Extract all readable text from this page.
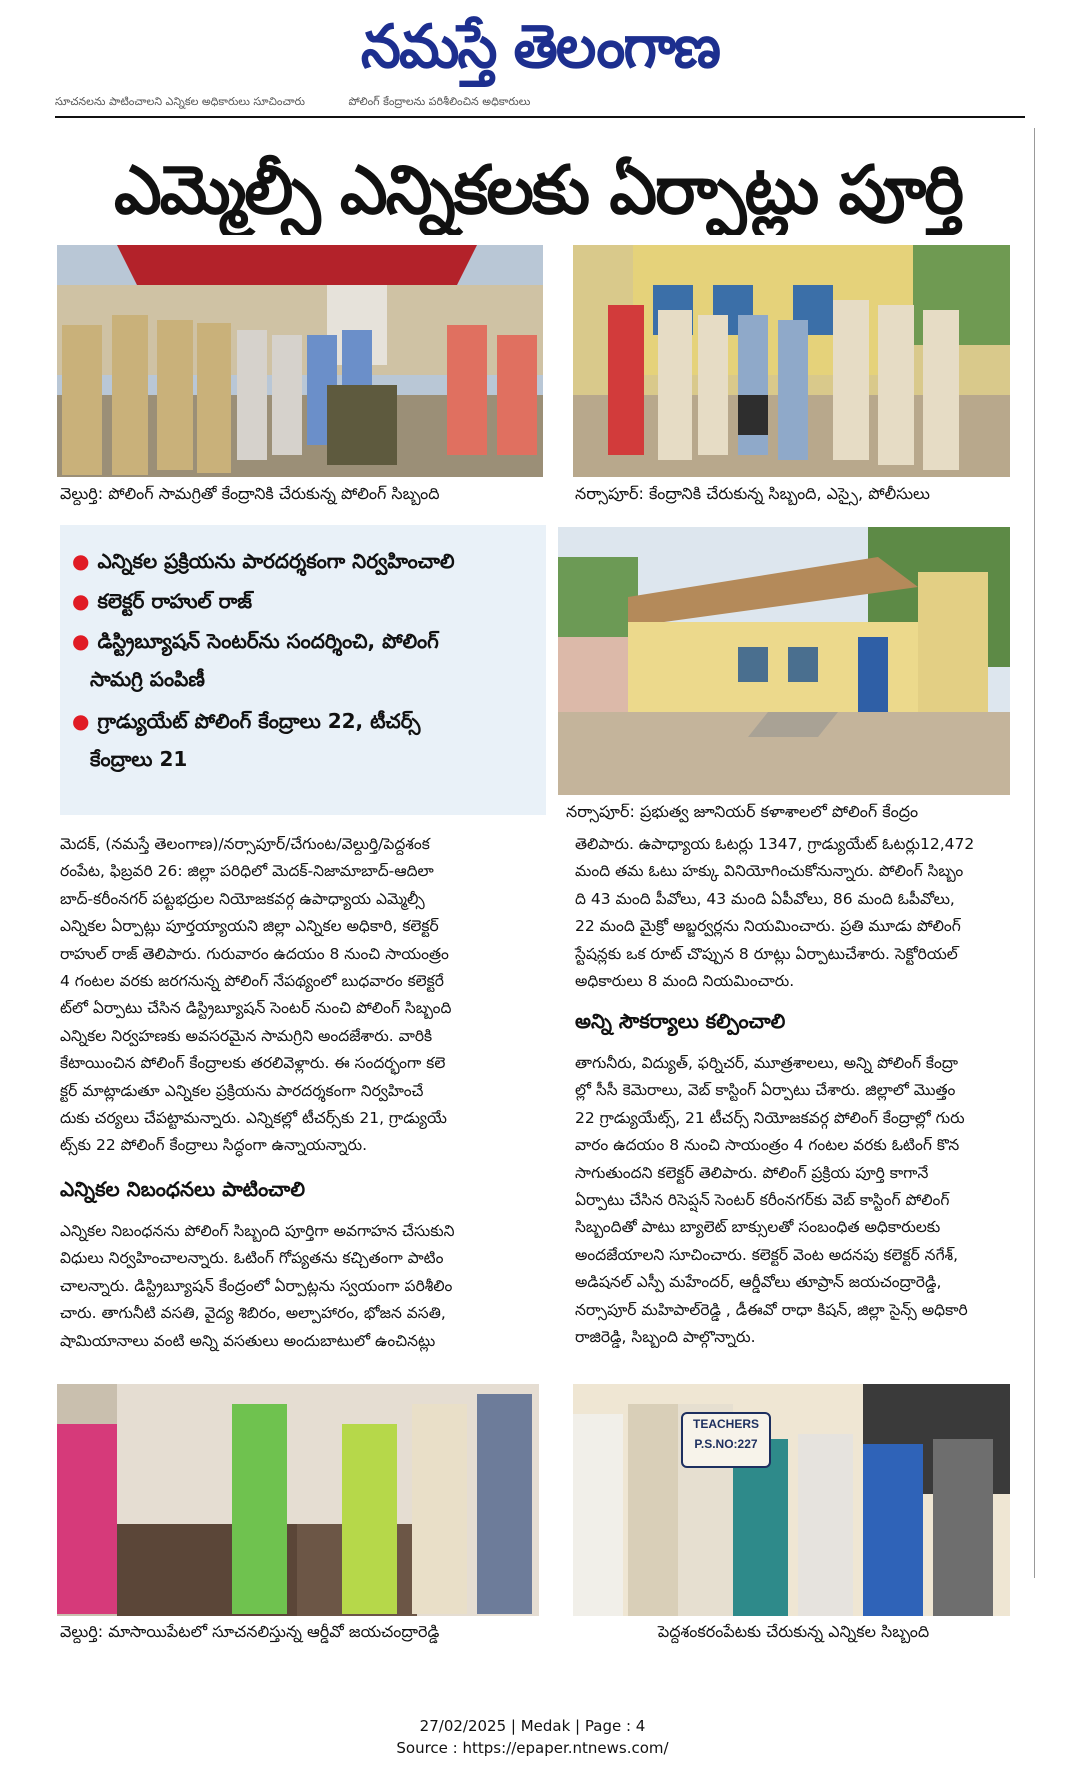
నమస్తే తెలంగాణ
సూచనలను పాటించాలని ఎన్నికల అధికారులు సూచించారు	పోలింగ్ కేంద్రాలను పరిశీలించిన అధికారులు
ఎమ్మెల్సీ ఎన్నికలకు ఏర్పాట్లు పూర్తి
వెల్దుర్తి: పోలింగ్ సామగ్రితో కేంద్రానికి చేరుకున్న పోలింగ్ సిబ్బంది	నర్సాపూర్: కేంద్రానికి చేరుకున్న సిబ్బంది, ఎస్సై, పోలీసులు
● ఎన్నికల ప్రక్రియను పారదర్శకంగా నిర్వహించాలి
● కలెక్టర్ రాహుల్ రాజ్
● డిస్ట్రిబ్యూషన్ సెంటర్‌ను సందర్శించి, పోలింగ్
సామగ్రి పంపిణీ
● గ్రాడ్యుయేట్ పోలింగ్ కేంద్రాలు 22, టీచర్స్
కేంద్రాలు 21
నర్సాపూర్: ప్రభుత్వ జూనియర్ కళాశాలలో పోలింగ్ కేంద్రం

మెదక్, (నమస్తే తెలంగాణ)/నర్సాపూర్/చేగుంట/వెల్దుర్తి/పెద్దశంక

రంపేట, ఫిబ్రవరి 26: జిల్లా పరిధిలో మెదక్-నిజామాబాద్-ఆదిలా

బాద్-కరీంనగర్ పట్టభద్రుల నియోజకవర్గ ఉపాధ్యాయ ఎమ్మెల్సీ

ఎన్నికల ఏర్పాట్లు పూర్తయ్యాయని జిల్లా ఎన్నికల అధికారి, కలెక్టర్

రాహుల్ రాజ్ తెలిపారు. గురువారం ఉదయం 8 నుంచి సాయంత్రం

4 గంటల వరకు జరగనున్న పోలింగ్ నేపథ్యంలో బుధవారం కలెక్టరే

ట్‌లో ఏర్పాటు చేసిన డిస్ట్రిబ్యూషన్ సెంటర్ నుంచి పోలింగ్ సిబ్బంది

ఎన్నికల నిర్వహణకు అవసరమైన సామగ్రిని అందజేశారు. వారికి

కేటాయించిన పోలింగ్ కేంద్రాలకు తరలివెళ్లారు. ఈ సందర్భంగా కలె

క్టర్ మాట్లాడుతూ ఎన్నికల ప్రక్రియను పారదర్శకంగా నిర్వహించే

దుకు చర్యలు చేపట్టామన్నారు. ఎన్నికల్లో టీచర్స్‌కు 21, గ్రాడ్యుయే

ట్స్‌కు 22 పోలింగ్ కేంద్రాలు సిద్ధంగా ఉన్నాయన్నారు.

ఎన్నికల నిబంధనలు పాటించాలి

ఎన్నికల నిబంధనను పోలింగ్ సిబ్బంది పూర్తిగా అవగాహన చేసుకుని

విధులు నిర్వహించాలన్నారు. ఓటింగ్ గోప్యతను కచ్చితంగా పాటిం

చాలన్నారు. డిస్ట్రిబ్యూషన్ కేంద్రంలో ఏర్పాట్లను స్వయంగా పరిశీలిం

చారు. తాగునీటి వసతి, వైద్య శిబిరం, అల్పాహారం, భోజన వసతి,

షామియానాలు వంటి అన్ని వసతులు అందుబాటులో ఉంచినట్లు

తెలిపారు. ఉపాధ్యాయ ఓటర్లు 1347, గ్రాడ్యుయేట్ ఓటర్లు12,472

మంది తమ ఓటు హక్కు వినియోగించుకోనున్నారు. పోలింగ్ సిబ్బం

ది 43 మంది పీవోలు, 43 మంది ఏపీవోలు, 86 మంది ఓపీవోలు,

22 మంది మైక్రో అబ్జర్వర్లను నియమించారు. ప్రతి మూడు పోలింగ్

స్టేషన్లకు ఒక రూట్ చొప్పున 8 రూట్లు ఏర్పాటుచేశారు. సెక్టోరియల్

అధికారులు 8 మంది నియమించారు.

అన్ని సౌకర్యాలు కల్పించాలి

తాగునీరు, విద్యుత్, ఫర్నిచర్, మూత్రశాలలు, అన్ని పోలింగ్ కేంద్రా

ల్లో సీసీ కెమెరాలు, వెబ్ కాస్టింగ్ ఏర్పాటు చేశారు. జిల్లాలో మొత్తం

22 గ్రాడ్యుయేట్స్, 21 టీచర్స్ నియోజకవర్గ పోలింగ్ కేంద్రాల్లో గురు

వారం ఉదయం 8 నుంచి సాయంత్రం 4 గంటల వరకు ఓటింగ్ కొన

సాగుతుందని కలెక్టర్ తెలిపారు. పోలింగ్ ప్రక్రియ పూర్తి కాగానే

ఏర్పాటు చేసిన రిసెప్షన్ సెంటర్ కరీంనగర్‌కు వెబ్ కాస్టింగ్ పోలింగ్

సిబ్బందితో పాటు బ్యాలెట్ బాక్సులతో సంబంధిత అధికారులకు

అందజేయాలని సూచించారు. కలెక్టర్ వెంట అదనపు కలెక్టర్ నగేశ్,

అడిషనల్ ఎస్పీ మహేందర్, ఆర్డీవోలు తూప్రాన్ జయచంద్రారెడ్డి,

నర్సాపూర్ మహిపాల్‌రెడ్డి , డీఈవో రాధా కిషన్, జిల్లా సైన్స్ అధికారి

రాజిరెడ్డి, సిబ్బంది పాల్గొన్నారు.

వెల్దుర్తి: మాసాయిపేటలో సూచనలిస్తున్న ఆర్డీవో జయచంద్రారెడ్డి
TEACHERS
P.S.NO:227
పెద్దశంకరంపేటకు చేరుకున్న ఎన్నికల సిబ్బంది
27/02/2025 | Medak | Page : 4
Source : https://epaper.ntnews.com/
